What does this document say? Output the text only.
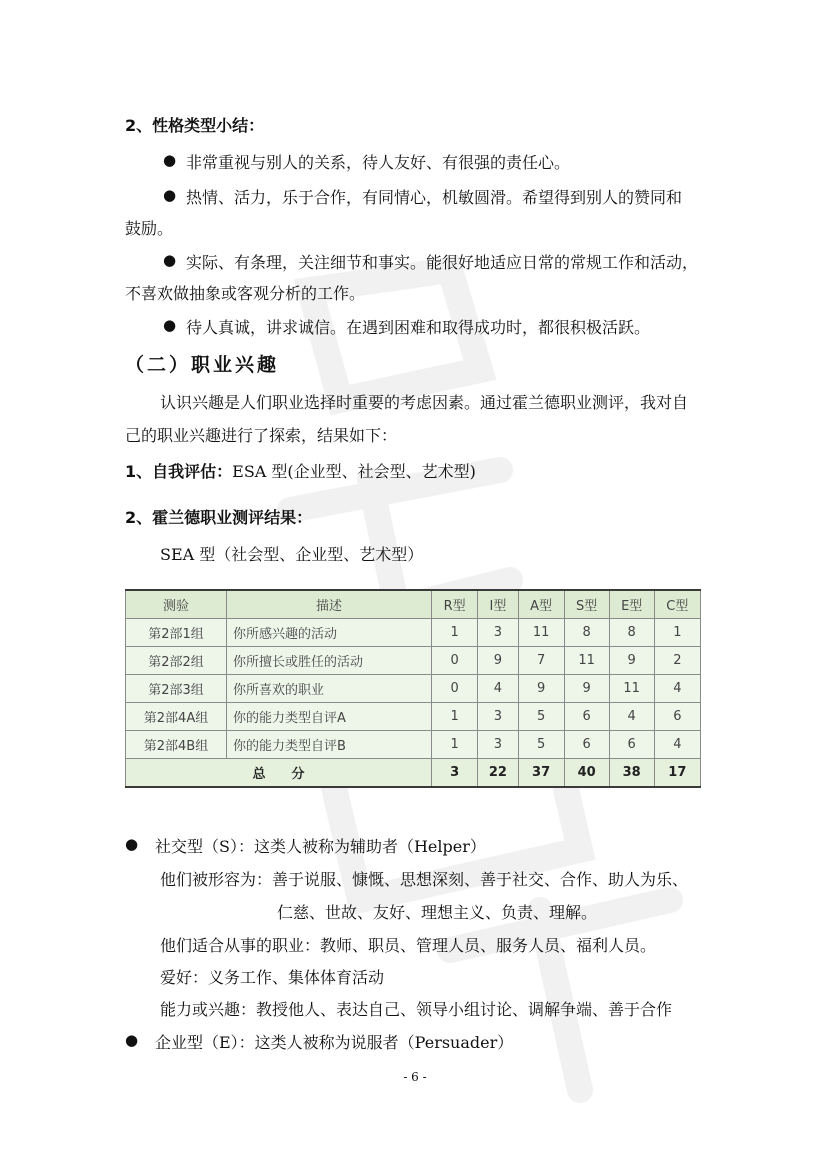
2、性格类型小结：
● 非常重视与别人的关系，待人友好、有很强的责任心。
● 热情、活力，乐于合作，有同情心，机敏圆滑。希望得到别人的赞同和
鼓励。
● 实际、有条理，关注细节和事实。能很好地适应日常的常规工作和活动，
不喜欢做抽象或客观分析的工作。
● 待人真诚，讲求诚信。在遇到困难和取得成功时，都很积极活跃。
（二）职业兴趣
认识兴趣是人们职业选择时重要的考虑因素。通过霍兰德职业测评，我对自
己的职业兴趣进行了探索，结果如下：
1、自我评估：ESA 型(企业型、社会型、艺术型)
2、霍兰德职业测评结果：
SEA 型（社会型、企业型、艺术型）
测验	描述	R型	I型	A型	S型	E型	C型
第2部1组	你所感兴趣的活动	1	3	11	8	8	1
第2部2组	你所擅长或胜任的活动	0	9	7	11	9	2
第2部3组	你所喜欢的职业	0	4	9	9	11	4
第2部4A组	你的能力类型自评A	1	3	5	6	4	6
第2部4B组	你的能力类型自评B	1	3	5	6	6	4
总　　分		3	22	37	40	38	17
● 社交型（S）：这类人被称为辅助者（Helper）
他们被形容为：善于说服、慷慨、思想深刻、善于社交、合作、助人为乐、
仁慈、世故、友好、理想主义、负责、理解。
他们适合从事的职业：教师、职员、管理人员、服务人员、福利人员。
爱好：义务工作、集体体育活动
能力或兴趣：教授他人、表达自己、领导小组讨论、调解争端、善于合作
● 企业型（E）：这类人被称为说服者（Persuader）
- 6 -
